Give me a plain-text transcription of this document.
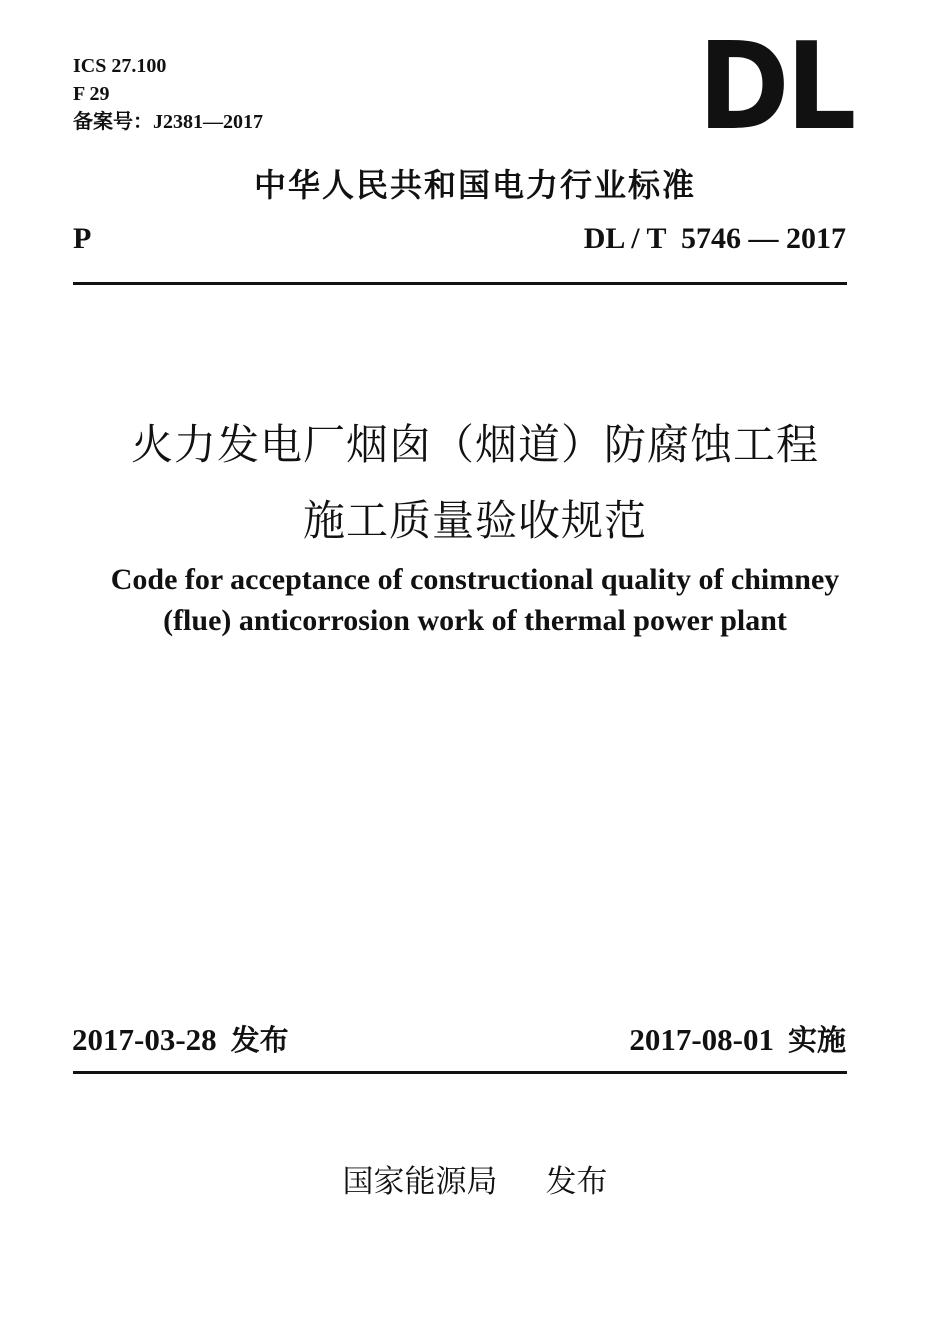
ICS 27.100
F 29
备案号：J2381—2017	DL
中华人民共和国电力行业标准
P	DL / T  5746 — 2017
火力发电厂烟囱（烟道）防腐蚀工程
施工质量验收规范
Code for acceptance of constructional quality of chimney
(flue) anticorrosion work of thermal power plant
2017-03-28 发布	2017-08-01 实施
国家能源局 发布
